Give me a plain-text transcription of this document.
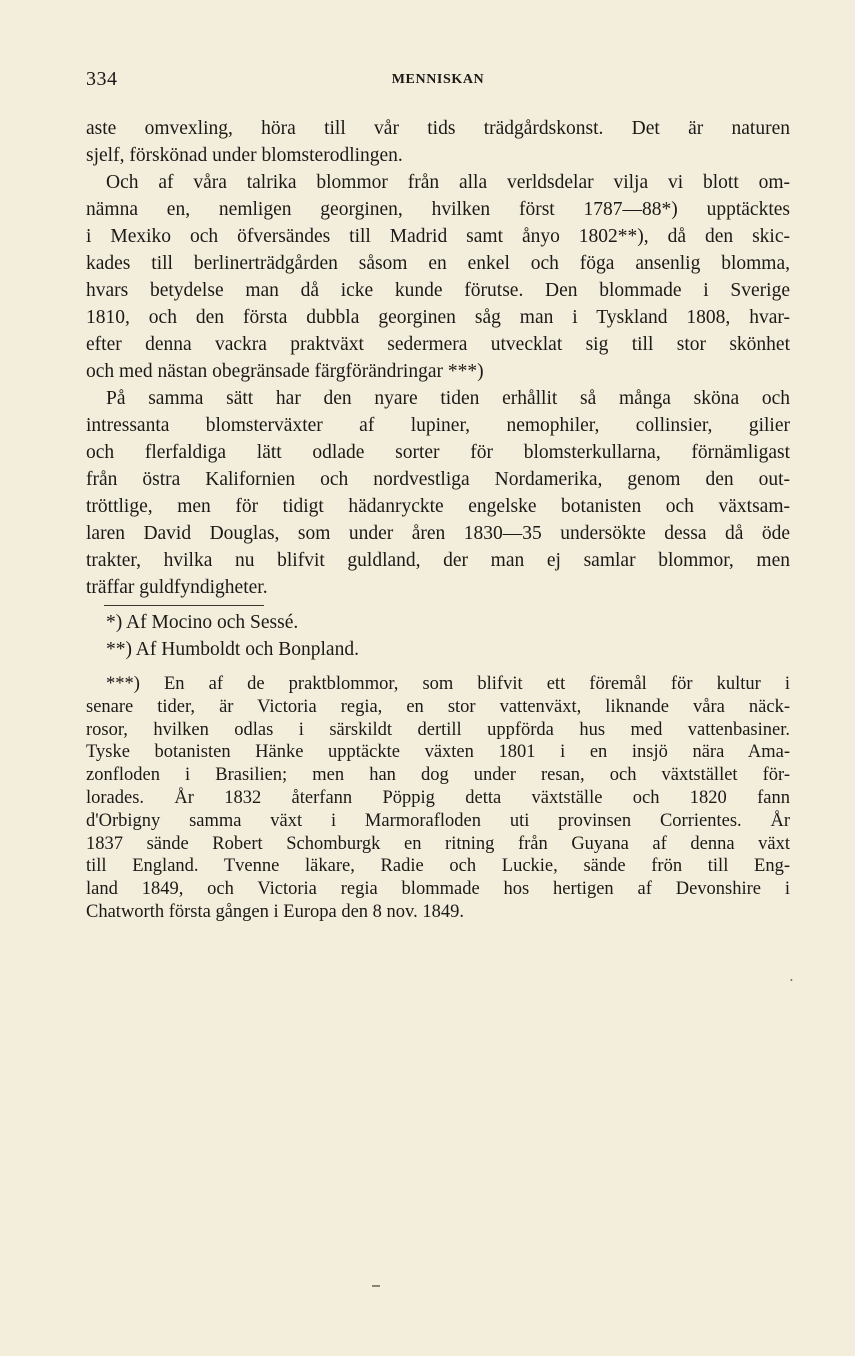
334	MENNISKAN
aste omvexling, höra till vår tids trädgårdskonst. Det är naturen
sjelf, förskönad under blomsterodlingen.
Och af våra talrika blommor från alla verldsdelar vilja vi blott om-
nämna en, nemligen georginen, hvilken först 1787—88*) upptäcktes
i Mexiko och öfversändes till Madrid samt ånyo 1802**), då den skic-
kades till berlinerträdgården såsom en enkel och föga ansenlig blomma,
hvars betydelse man då icke kunde förutse. Den blommade i Sverige
1810, och den första dubbla georginen såg man i Tyskland 1808, hvar-
efter denna vackra praktväxt sedermera utvecklat sig till stor skönhet
och med nästan obegränsade färgförändringar ***)
På samma sätt har den nyare tiden erhållit så många sköna och
intressanta blomsterväxter af lupiner, nemophiler, collinsier, gilier
och flerfaldiga lätt odlade sorter för blomsterkullarna, förnämligast
från östra Kalifornien och nordvestliga Nordamerika, genom den out-
tröttlige, men för tidigt hädanryckte engelske botanisten och växtsam-
laren David Douglas, som under åren 1830—35 undersökte dessa då öde
trakter, hvilka nu blifvit guldland, der man ej samlar blommor, men
träffar guldfyndigheter.
*) Af Mocino och Sessé.
**) Af Humboldt och Bonpland.
***) En af de praktblommor, som blifvit ett föremål för kultur i
senare tider, är Victoria regia, en stor vattenväxt, liknande våra näck-
rosor, hvilken odlas i särskildt dertill uppförda hus med vattenbasiner.
Tyske botanisten Hänke upptäckte växten 1801 i en insjö nära Ama-
zonfloden i Brasilien; men han dog under resan, och växtstället för-
lorades. År 1832 återfann Pöppig detta växtställe och 1820 fann
d'Orbigny samma växt i Marmorafloden uti provinsen Corrientes. År
1837 sände Robert Schomburgk en ritning från Guyana af denna växt
till England. Tvenne läkare, Radie och Luckie, sände frön till Eng-
land 1849, och Victoria regia blommade hos hertigen af Devonshire i
Chatworth första gången i Europa den 8 nov. 1849.
•
